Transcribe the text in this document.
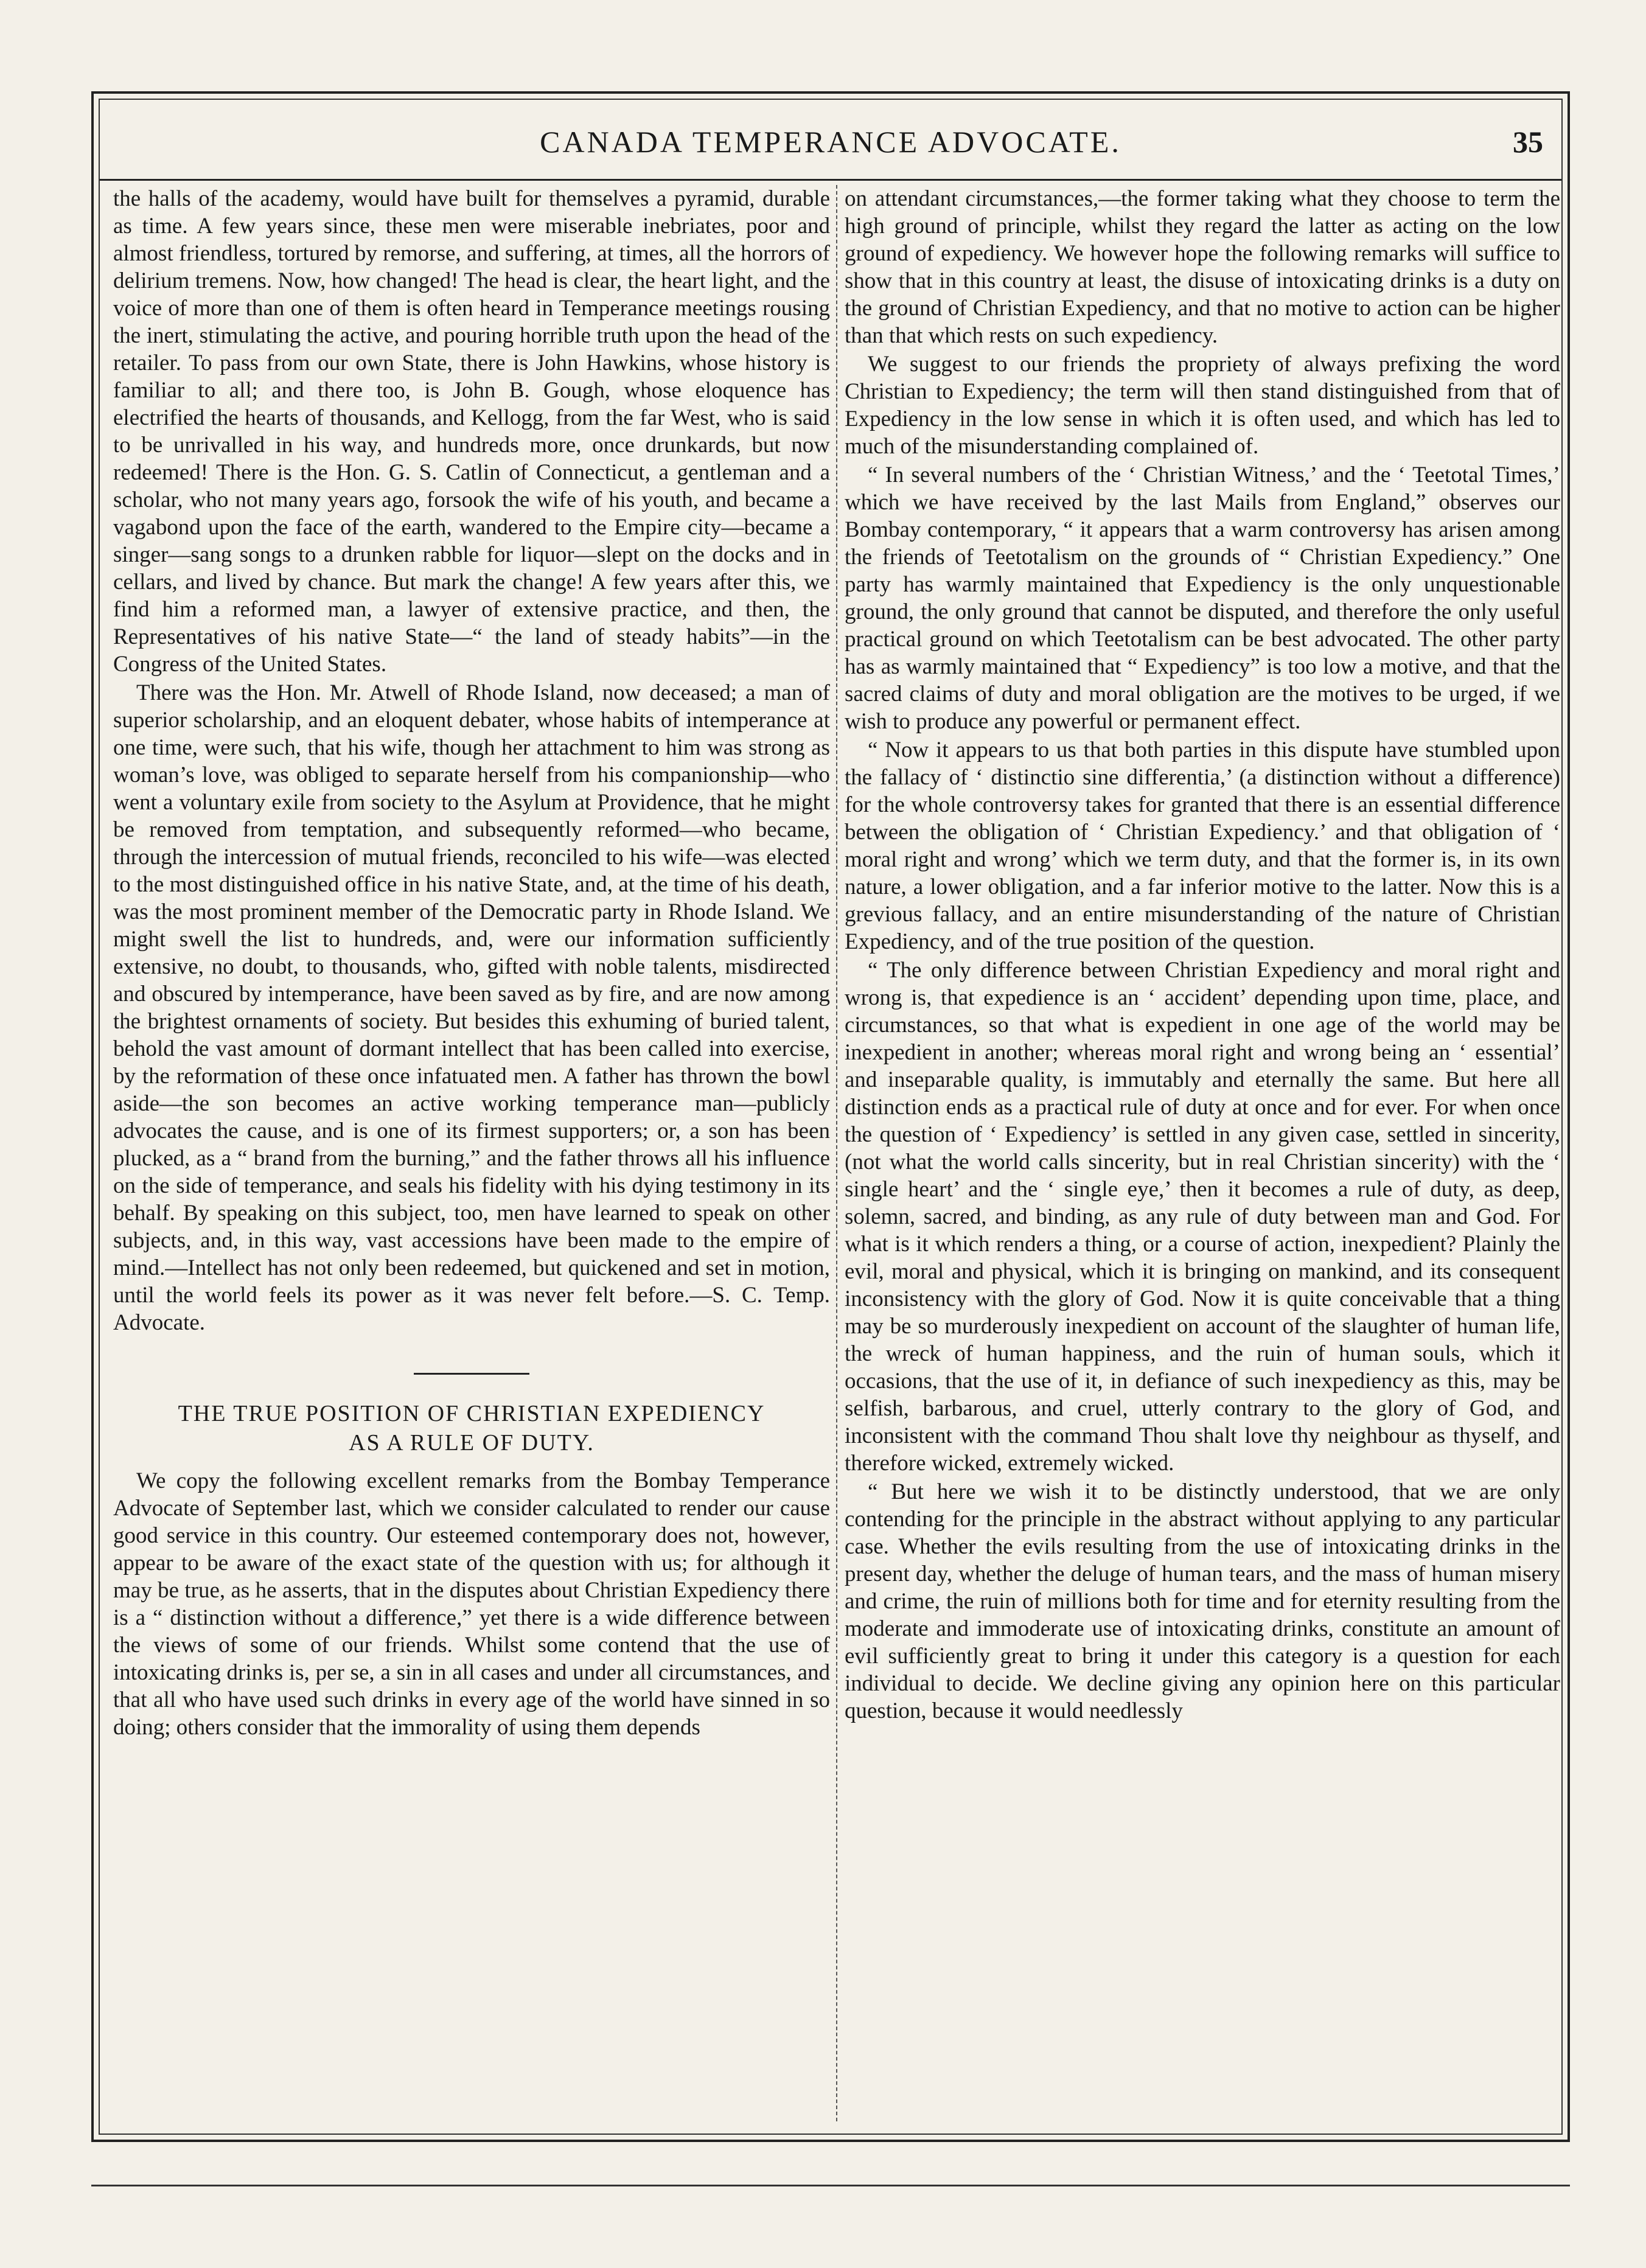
CANADA TEMPERANCE ADVOCATE.	35

the halls of the academy, would have built for themselves a pyramid, durable as time. A few years since, these men were miserable inebriates, poor and almost friendless, tortured by remorse, and suffering, at times, all the horrors of delirium tremens. Now, how changed! The head is clear, the heart light, and the voice of more than one of them is often heard in Temperance meetings rousing the inert, stimulating the active, and pouring horrible truth upon the head of the retailer. To pass from our own State, there is John Hawkins, whose history is familiar to all; and there too, is John B. Gough, whose eloquence has electrified the hearts of thousands, and Kellogg, from the far West, who is said to be unrivalled in his way, and hundreds more, once drunkards, but now redeemed! There is the Hon. G. S. Catlin of Connecticut, a gentleman and a scholar, who not many years ago, forsook the wife of his youth, and became a vagabond upon the face of the earth, wandered to the Empire city—became a singer—sang songs to a drunken rabble for liquor—slept on the docks and in cellars, and lived by chance. But mark the change! A few years after this, we find him a reformed man, a lawyer of extensive practice, and then, the Representatives of his native State—“ the land of steady habits”—in the Congress of the United States.

There was the Hon. Mr. Atwell of Rhode Island, now deceased; a man of superior scholarship, and an eloquent debater, whose habits of intemperance at one time, were such, that his wife, though her attachment to him was strong as woman’s love, was obliged to separate herself from his companionship—who went a voluntary exile from society to the Asylum at Providence, that he might be removed from temptation, and subsequently reformed—who became, through the intercession of mutual friends, reconciled to his wife—was elected to the most distinguished office in his native State, and, at the time of his death, was the most prominent member of the Democratic party in Rhode Island. We might swell the list to hundreds, and, were our information sufficiently extensive, no doubt, to thousands, who, gifted with noble talents, misdirected and obscured by intemperance, have been saved as by fire, and are now among the brightest ornaments of society. But besides this exhuming of buried talent, behold the vast amount of dormant intellect that has been called into exercise, by the reformation of these once infatuated men. A father has thrown the bowl aside—the son becomes an active working temperance man—publicly advocates the cause, and is one of its firmest supporters; or, a son has been plucked, as a “ brand from the burning,” and the father throws all his influence on the side of temperance, and seals his fidelity with his dying testimony in its behalf. By speaking on this subject, too, men have learned to speak on other subjects, and, in this way, vast accessions have been made to the empire of mind.—Intellect has not only been redeemed, but quickened and set in motion, until the world feels its power as it was never felt before.—S. C. Temp. Advocate.

THE TRUE POSITION OF CHRISTIAN EXPEDIENCY
AS A RULE OF DUTY.

We copy the following excellent remarks from the Bombay Temperance Advocate of September last, which we consider calculated to render our cause good service in this country. Our esteemed contemporary does not, however, appear to be aware of the exact state of the question with us; for although it may be true, as he asserts, that in the disputes about Christian Expediency there is a “ distinction without a difference,” yet there is a wide difference between the views of some of our friends. Whilst some contend that the use of intoxicating drinks is, per se, a sin in all cases and under all circumstances, and that all who have used such drinks in every age of the world have sinned in so doing; others consider that the immorality of using them depends

on attendant circumstances,—the former taking what they choose to term the high ground of principle, whilst they regard the latter as acting on the low ground of expediency. We however hope the following remarks will suffice to show that in this country at least, the disuse of intoxicating drinks is a duty on the ground of Christian Expediency, and that no motive to action can be higher than that which rests on such expediency.

We suggest to our friends the propriety of always prefixing the word Christian to Expediency; the term will then stand distinguished from that of Expediency in the low sense in which it is often used, and which has led to much of the misunderstanding complained of.

“ In several numbers of the ‘ Christian Witness,’ and the ‘ Teetotal Times,’ which we have received by the last Mails from England,” observes our Bombay contemporary, “ it appears that a warm controversy has arisen among the friends of Teetotalism on the grounds of “ Christian Expediency.” One party has warmly maintained that Expediency is the only unquestionable ground, the only ground that cannot be disputed, and therefore the only useful practical ground on which Teetotalism can be best advocated. The other party has as warmly maintained that “ Expediency” is too low a motive, and that the sacred claims of duty and moral obligation are the motives to be urged, if we wish to produce any powerful or permanent effect.

“ Now it appears to us that both parties in this dispute have stumbled upon the fallacy of ‘ distinctio sine differentia,’ (a distinction without a difference) for the whole controversy takes for granted that there is an essential difference between the obligation of ‘ Christian Expediency.’ and that obligation of ‘ moral right and wrong’ which we term duty, and that the former is, in its own nature, a lower obligation, and a far inferior motive to the latter. Now this is a grevious fallacy, and an entire misunderstanding of the nature of Christian Expediency, and of the true position of the question.

“ The only difference between Christian Expediency and moral right and wrong is, that expedience is an ‘ accident’ depending upon time, place, and circumstances, so that what is expedient in one age of the world may be inexpedient in another; whereas moral right and wrong being an ‘ essential’ and inseparable quality, is immutably and eternally the same. But here all distinction ends as a practical rule of duty at once and for ever. For when once the question of ‘ Expediency’ is settled in any given case, settled in sincerity, (not what the world calls sincerity, but in real Christian sincerity) with the ‘ single heart’ and the ‘ single eye,’ then it becomes a rule of duty, as deep, solemn, sacred, and binding, as any rule of duty between man and God. For what is it which renders a thing, or a course of action, inexpedient? Plainly the evil, moral and physical, which it is bringing on mankind, and its consequent inconsistency with the glory of God. Now it is quite conceivable that a thing may be so murderously inexpedient on account of the slaughter of human life, the wreck of human happiness, and the ruin of human souls, which it occasions, that the use of it, in defiance of such inexpediency as this, may be selfish, barbarous, and cruel, utterly contrary to the glory of God, and inconsistent with the command Thou shalt love thy neighbour as thyself, and therefore wicked, extremely wicked.

“ But here we wish it to be distinctly understood, that we are only contending for the principle in the abstract without applying to any particular case. Whether the evils resulting from the use of intoxicating drinks in the present day, whether the deluge of human tears, and the mass of human misery and crime, the ruin of millions both for time and for eternity resulting from the moderate and immoderate use of intoxicating drinks, constitute an amount of evil sufficiently great to bring it under this category is a question for each individual to decide. We decline giving any opinion here on this particular question, because it would needlessly
